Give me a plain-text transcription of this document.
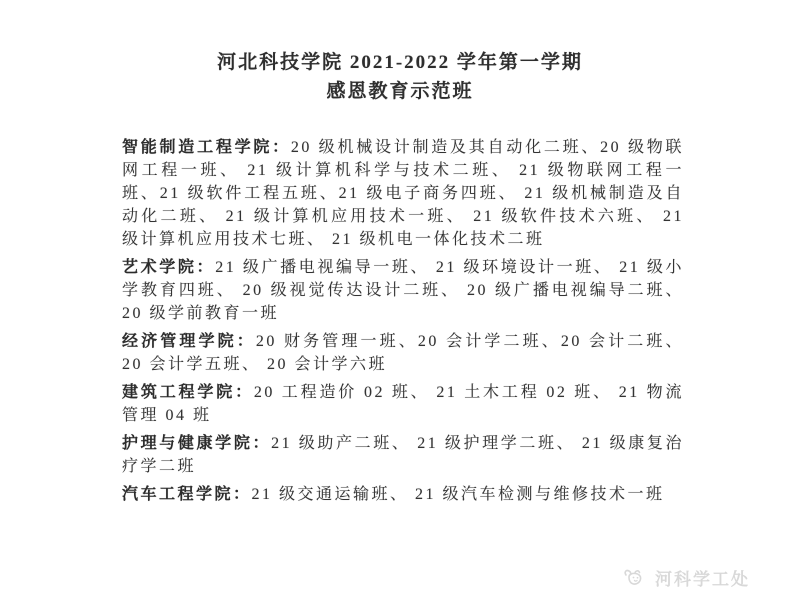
河北科技学院 2021-2022 学年第一学期
感恩教育示范班

智能制造工程学院：20 级机械设计制造及其自动化二班、20 级物联网工程一班、 21 级计算机科学与技术二班、 21 级物联网工程一班、21 级软件工程五班、21 级电子商务四班、 21 级机械制造及自动化二班、 21 级计算机应用技术一班、 21 级软件技术六班、 21 级计算机应用技术七班、 21 级机电一体化技术二班

艺术学院：21 级广播电视编导一班、 21 级环境设计一班、 21 级小学教育四班、 20 级视觉传达设计二班、 20 级广播电视编导二班、 20 级学前教育一班

经济管理学院：20 财务管理一班、20 会计学二班、20 会计二班、 20 会计学五班、 20 会计学六班

建筑工程学院：20 工程造价 02 班、 21 土木工程 02 班、 21 物流管理 04 班

护理与健康学院：21 级助产二班、 21 级护理学二班、 21 级康复治疗学二班

汽车工程学院：21 级交通运输班、 21 级汽车检测与维修技术一班

河科学工处
